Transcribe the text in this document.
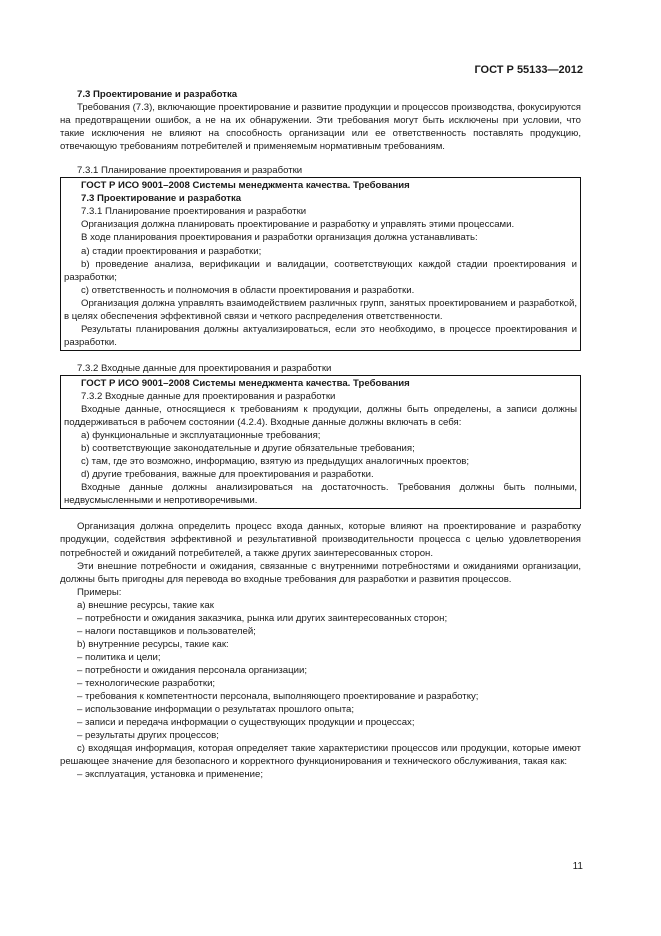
ГОСТ Р 55133—2012

7.3 Проектирование и разработка

Требования (7.3), включающие проектирование и развитие продукции и процессов производства, фокусируются на предотвращении ошибок, а не на их обнаружении. Эти требования могут быть исключены при условии, что такие исключения не влияют на способность организации или ее ответственность поставлять продукцию, отвечающую требованиям потребителей и применяемым нормативным требованиям.

7.3.1 Планирование проектирования и разработки

ГОСТ Р ИСО 9001–2008 Системы менеджмента качества. Требования

7.3 Проектирование и разработка

7.3.1 Планирование проектирования и разработки

Организация должна планировать проектирование и разработку и управлять этими процессами.

В ходе планирования проектирования и разработки организация должна устанавливать:

а) стадии проектирования и разработки;

b) проведение анализа, верификации и валидации, соответствующих каждой стадии проектирования и разработки;

с) ответственность и полномочия в области проектирования и разработки.

Организация должна управлять взаимодействием различных групп, занятых проектированием и разработкой, в целях обеспечения эффективной связи и четкого распределения ответственности.

Результаты планирования должны актуализироваться, если это необходимо, в процессе проектирования и разработки.

7.3.2 Входные данные для проектирования и разработки

ГОСТ Р ИСО 9001–2008 Системы менеджмента качества. Требования

7.3.2 Входные данные для проектирования и разработки

Входные данные, относящиеся к требованиям к продукции, должны быть определены, а записи должны поддерживаться в рабочем состоянии (4.2.4). Входные данные должны включать в себя:

а) функциональные и эксплуатационные требования;

b) соответствующие законодательные и другие обязательные требования;

с) там, где это возможно, информацию, взятую из предыдущих аналогичных проектов;

d) другие требования, важные для проектирования и разработки.

Входные данные должны анализироваться на достаточность. Требования должны быть полными, недвусмысленными и непротиворечивыми.

Организация должна определить процесс входа данных, которые влияют на проектирование и разработку продукции, содействия эффективной и результативной производительности процесса с целью удовлетворения потребностей и ожиданий потребителей, а также других заинтересованных сторон.

Эти внешние потребности и ожидания, связанные с внутренними потребностями и ожиданиями организации, должны быть пригодны для перевода во входные требования для разработки и развития процессов.

Примеры:

а) внешние ресурсы, такие как

– потребности и ожидания заказчика, рынка или других заинтересованных сторон;

– налоги поставщиков и пользователей;

b) внутренние ресурсы, такие как:

– политика и цели;

– потребности и ожидания персонала организации;

– технологические разработки;

– требования к компетентности персонала, выполняющего проектирование и разработку;

– использование информации о результатах прошлого опыта;

– записи и передача информации о существующих продукции и процессах;

– результаты других процессов;

с) входящая информация, которая определяет такие характеристики процессов или продукции, которые имеют решающее значение для безопасного и корректного функционирования и технического обслуживания, такая как:

– эксплуатация, установка и применение;

11
